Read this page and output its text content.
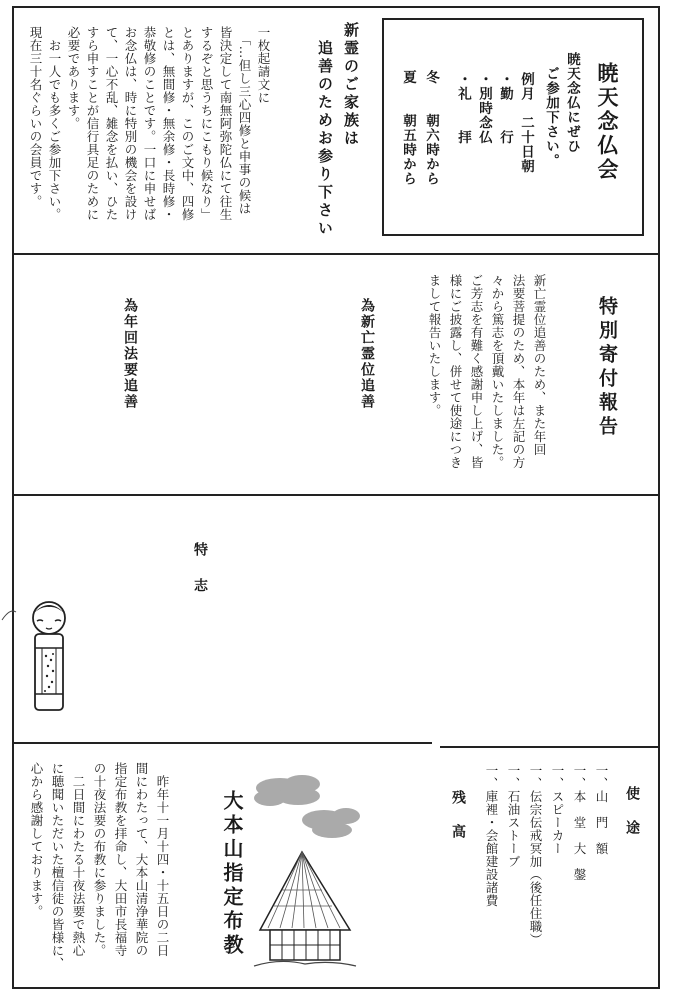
暁天念仏会
暁天念仏にぜひ
　ご参加下さい。
例月　二十日朝
・勤　　行
・別時念仏
・礼　　拝
冬　　朝六時から
夏　　朝五時から
新霊のご家族は
　追善のためお参り下さい
一枚起請文に
　「…但し三心四修と申事の候は
皆決定して南無阿弥陀仏にて往生
するぞと思うちにこもり候なり」
とありますが、このご文中、四修
とは、無間修・無余修・長時修・
恭敬修のことです。一口に申せば
お念仏は、時に特別の機会を設け
て、一心不乱、雑念を払い、ひた
すら申すことが信行具足のために
必要であります。
　お一人でも多くご参加下さい。
現在三十名ぐらいの会員です。
特別寄付報告
新亡霊位追善のため、また年回
法要菩提のため、本年は左記の方
々から篤志を頂戴いたしました。
ご芳志を有難く感謝申し上げ、皆
様にご披露し、併せて使途につき
まして報告いたします。
為新亡霊位追善
為年回法要追善
特
志
使　途
一、山　門　額
一、本　堂　大　鏧
一、スピーカー
一、伝宗伝戒冥加（後任住職）
一、石油ストーブ
一、庫裡・会館建設諸費
残　高
大本山指定布教
　昨年十一月十四・十五日の二日
間にわたって、大本山清浄華院の
指定布教を拝命し、大田市長福寺
の十夜法要の布教に参りました。
　二日間にわたる十夜法要で熱心
に聴聞いただいた檀信徒の皆様に、
心から感謝しております。
